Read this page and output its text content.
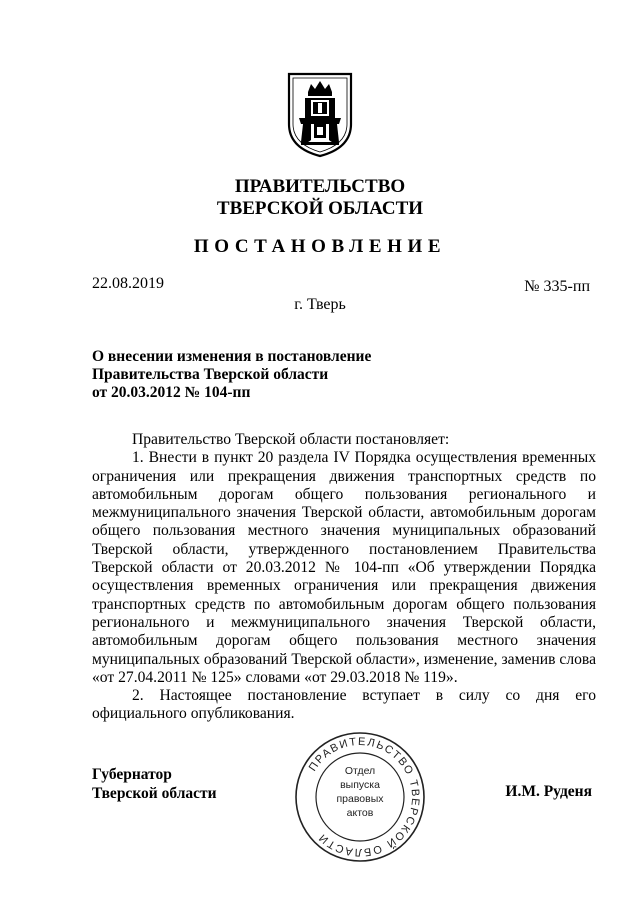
ПРАВИТЕЛЬСТВО
ТВЕРСКОЙ ОБЛАСТИ
ПОСТАНОВЛЕНИЕ
22.08.2019	№ 335-пп
г. Тверь
О внесении изменения в постановление
Правительства Тверской области
от 20.03.2012 № 104-пп

Правительство Тверской области постановляет:

1. Внести в пункт 20 раздела IV Порядка осуществления временных ограничения или прекращения движения транспортных средств по автомобильным дорогам общего пользования регионального и межмуниципального значения Тверской области, автомобильным дорогам общего пользования местного значения муниципальных образований Тверской области, утвержденного постановлением Правительства Тверской области от 20.03.2012 № 104-пп «Об утверждении Порядка осуществления временных ограничения или прекращения движения транспортных средств по автомобильным дорогам общего пользования регионального и межмуниципального значения Тверской области, автомобильным дорогам общего пользования местного значения муниципальных образований Тверской области», изменение, заменив слова «от 27.04.2011 № 125» словами «от 29.03.2018 № 119».

2. Настоящее постановление вступает в силу со дня его официального опубликования.

Губернатор
Тверской области	И.М. Руденя
ПРАВИТЕЛЬСТВО ТВЕРСКОЙ ОБЛАСТИ
Отдел
выпуска
правовых
актов
